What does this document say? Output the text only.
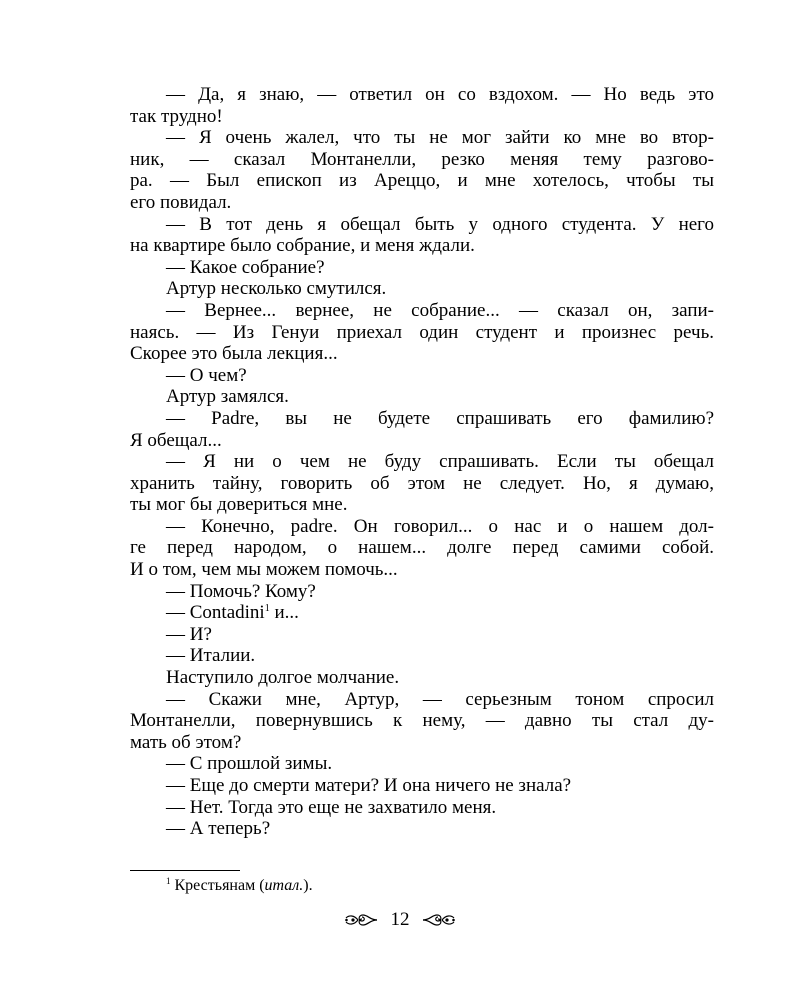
— Да, я знаю, — ответил он со вздохом. — Но ведь это
так трудно!
— Я очень жалел, что ты не мог зайти ко мне во втор-
ник, — сказал Монтанелли, резко меняя тему разгово-
ра. — Был епископ из Ареццо, и мне хотелось, чтобы ты
его повидал.
— В тот день я обещал быть у одного студента. У него
на квартире было собрание, и меня ждали.
— Какое собрание?
Артур несколько смутился.
— Вернее... вернее, не собрание... — сказал он, запи-
наясь. — Из Генуи приехал один студент и произнес речь.
Скорее это была лекция...
— О чем?
Артур замялся.
— Padre, вы не будете спрашивать его фамилию?
Я обещал...
— Я ни о чем не буду спрашивать. Если ты обещал
хранить тайну, говорить об этом не следует. Но, я думаю,
ты мог бы довериться мне.
— Конечно, padre. Он говорил... о нас и о нашем дол-
ге перед народом, о нашем... долге перед самими собой.
И о том, чем мы можем помочь...
— Помочь? Кому?
— Contadini$^1$ и...
— И?
— Италии.
Наступило долгое молчание.
— Скажи мне, Артур, — серьезным тоном спросил
Монтанелли, повернувшись к нему, — давно ты стал ду-
мать об этом?
— С прошлой зимы.
— Еще до смерти матери? И она ничего не знала?
— Нет. Тогда это еще не захватило меня.
— А теперь?
$^1$ Крестьянам (итал.).
12
